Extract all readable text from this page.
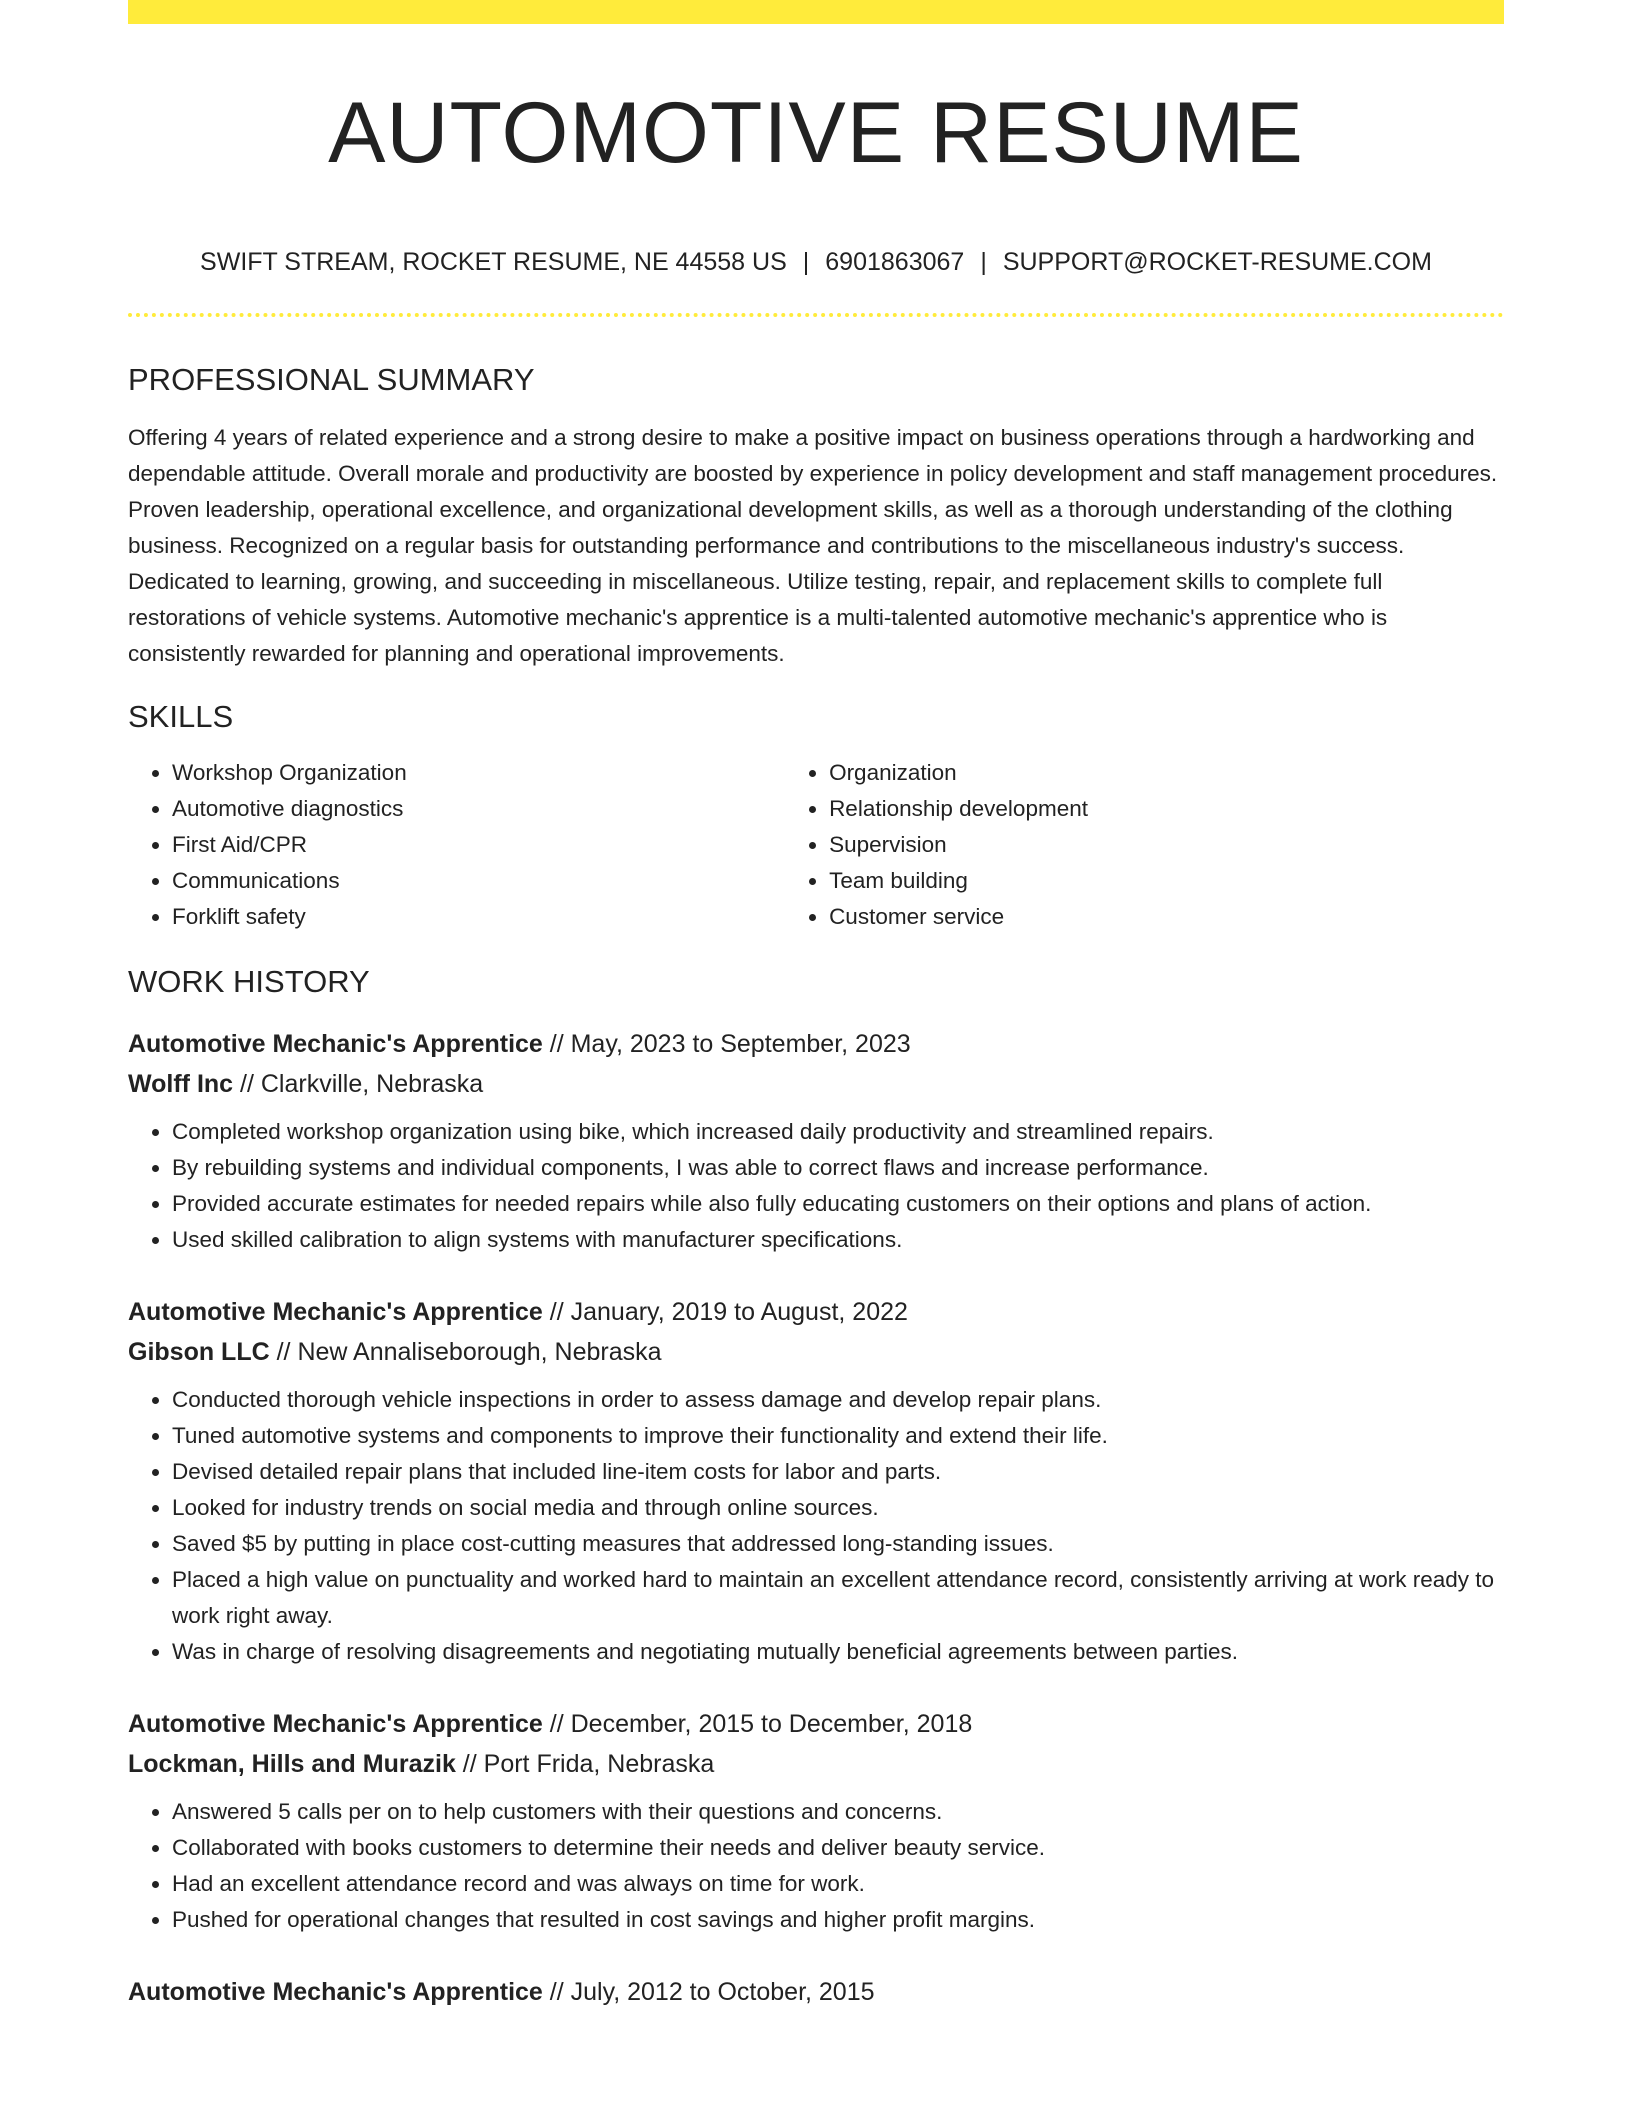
AUTOMOTIVE RESUME
SWIFT STREAM, ROCKET RESUME, NE 44558 US | 6901863067 | SUPPORT@ROCKET-RESUME.COM
PROFESSIONAL SUMMARY
Offering 4 years of related experience and a strong desire to make a positive impact on business operations through a hardworking and dependable attitude. Overall morale and productivity are boosted by experience in policy development and staff management procedures. Proven leadership, operational excellence, and organizational development skills, as well as a thorough understanding of the clothing business. Recognized on a regular basis for outstanding performance and contributions to the miscellaneous industry's success. Dedicated to learning, growing, and succeeding in miscellaneous. Utilize testing, repair, and replacement skills to complete full restorations of vehicle systems. Automotive mechanic's apprentice is a multi-talented automotive mechanic's apprentice who is consistently rewarded for planning and operational improvements.
SKILLS
• Workshop Organization
• Automotive diagnostics
• First Aid/CPR
• Communications
• Forklift safety
• Organization
• Relationship development
• Supervision
• Team building
• Customer service
WORK HISTORY
Automotive Mechanic's Apprentice // May, 2023 to September, 2023
Wolff Inc // Clarkville, Nebraska
• Completed workshop organization using bike, which increased daily productivity and streamlined repairs.
• By rebuilding systems and individual components, I was able to correct flaws and increase performance.
• Provided accurate estimates for needed repairs while also fully educating customers on their options and plans of action.
• Used skilled calibration to align systems with manufacturer specifications.
Automotive Mechanic's Apprentice // January, 2019 to August, 2022
Gibson LLC // New Annaliseborough, Nebraska
• Conducted thorough vehicle inspections in order to assess damage and develop repair plans.
• Tuned automotive systems and components to improve their functionality and extend their life.
• Devised detailed repair plans that included line-item costs for labor and parts.
• Looked for industry trends on social media and through online sources.
• Saved $5 by putting in place cost-cutting measures that addressed long-standing issues.
• Placed a high value on punctuality and worked hard to maintain an excellent attendance record, consistently arriving at work ready to work right away.
• Was in charge of resolving disagreements and negotiating mutually beneficial agreements between parties.
Automotive Mechanic's Apprentice // December, 2015 to December, 2018
Lockman, Hills and Murazik // Port Frida, Nebraska
• Answered 5 calls per on to help customers with their questions and concerns.
• Collaborated with books customers to determine their needs and deliver beauty service.
• Had an excellent attendance record and was always on time for work.
• Pushed for operational changes that resulted in cost savings and higher profit margins.
Automotive Mechanic's Apprentice // July, 2012 to October, 2015
